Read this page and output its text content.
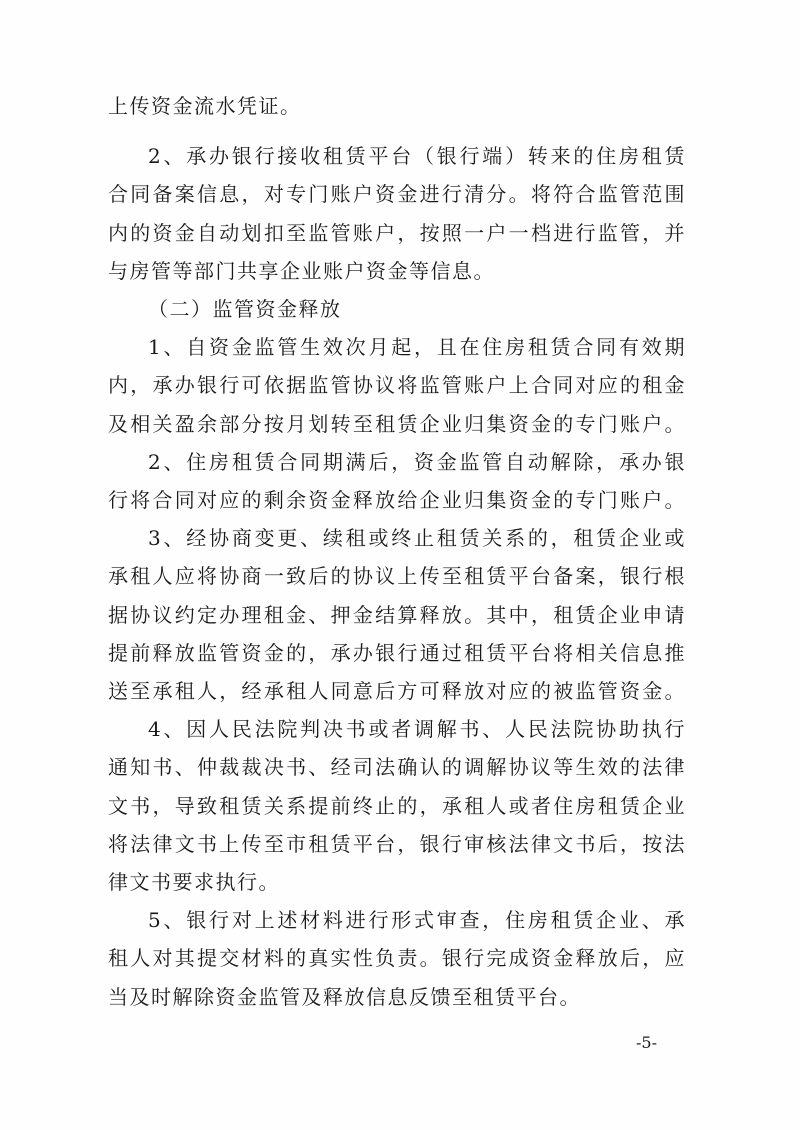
上传资金流水凭证。
2、承办银行接收租赁平台（银行端）转来的住房租赁
合同备案信息，对专门账户资金进行清分。将符合监管范围
内的资金自动划扣至监管账户，按照一户一档进行监管，并
与房管等部门共享企业账户资金等信息。
（二）监管资金释放
1、自资金监管生效次月起，且在住房租赁合同有效期
内，承办银行可依据监管协议将监管账户上合同对应的租金
及相关盈余部分按月划转至租赁企业归集资金的专门账户。
2、住房租赁合同期满后，资金监管自动解除，承办银
行将合同对应的剩余资金释放给企业归集资金的专门账户。
3、经协商变更、续租或终止租赁关系的，租赁企业或
承租人应将协商一致后的协议上传至租赁平台备案，银行根
据协议约定办理租金、押金结算释放。其中，租赁企业申请
提前释放监管资金的，承办银行通过租赁平台将相关信息推
送至承租人，经承租人同意后方可释放对应的被监管资金。
4、因人民法院判决书或者调解书、人民法院协助执行
通知书、仲裁裁决书、经司法确认的调解协议等生效的法律
文书，导致租赁关系提前终止的，承租人或者住房租赁企业
将法律文书上传至市租赁平台，银行审核法律文书后，按法
律文书要求执行。
-5-
5、银行对上述材料进行形式审查，住房租赁企业、承
租人对其提交材料的真实性负责。银行完成资金释放后，应
当及时解除资金监管及释放信息反馈至租赁平台。
